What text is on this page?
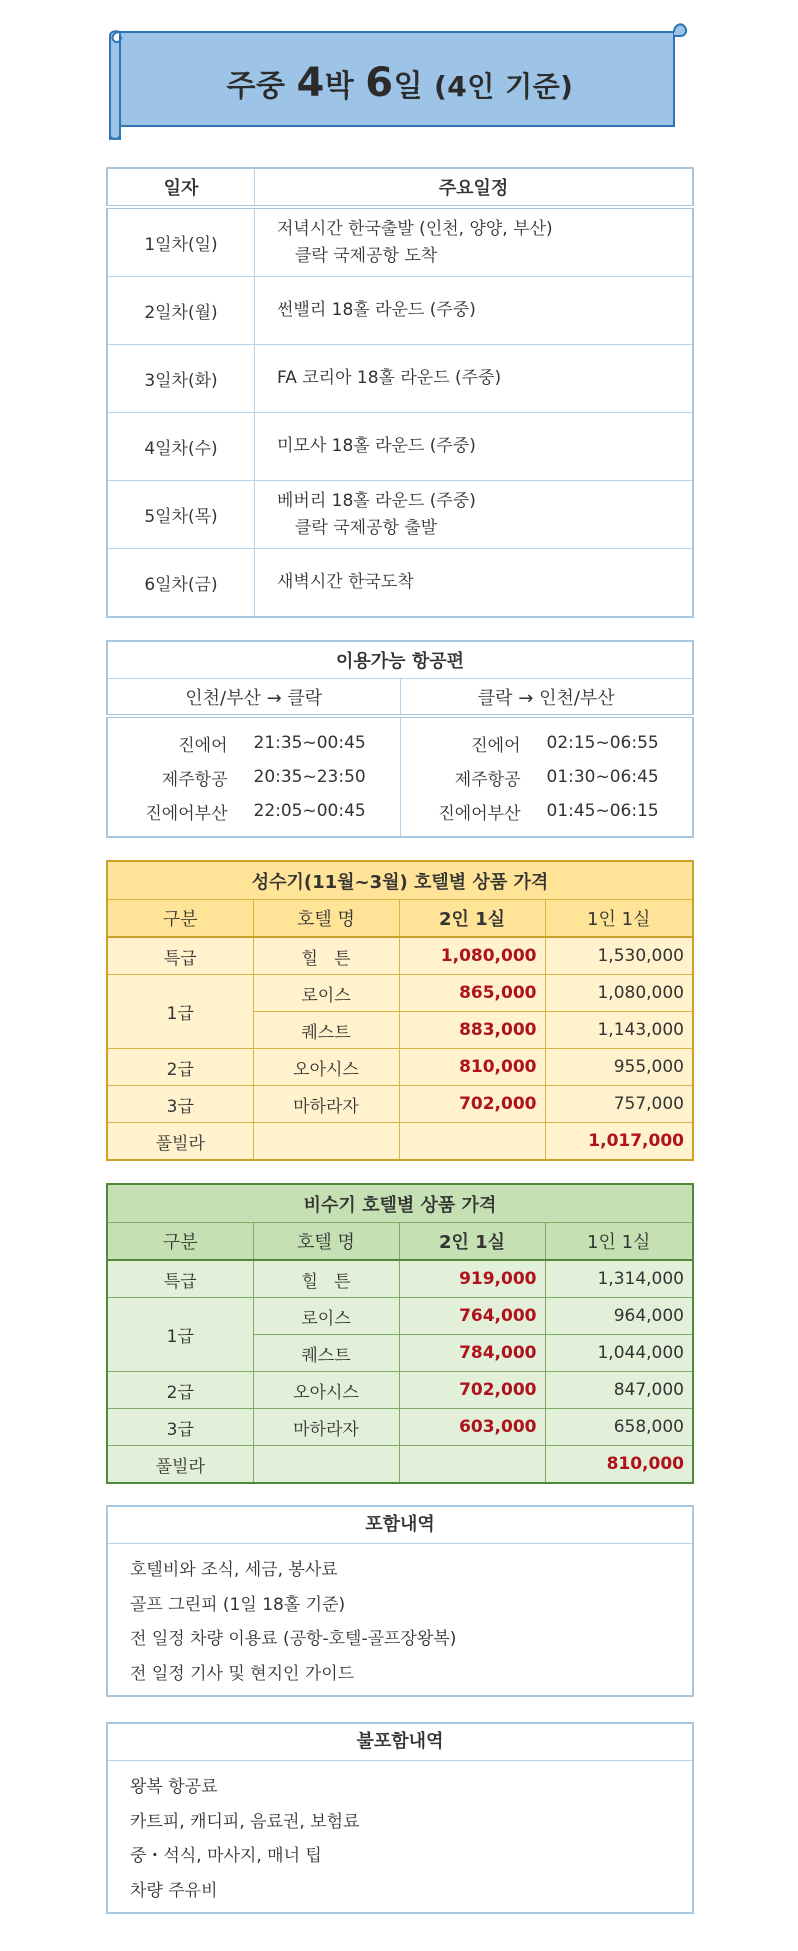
주중 4박 6일 (4인 기준)
일자	주요일정
1일차(일)	저녁시간 한국출발 (인천, 양양, 부산)
클락 국제공항 도착

2일차(월)	썬밸리 18홀 라운드 (주중)

3일차(화)	FA 코리아 18홀 라운드 (주중)

4일차(수)	미모사 18홀 라운드 (주중)

5일차(목)	베버리 18홀 라운드 (주중)
클락 국제공항 출발

6일차(금)	새벽시간 한국도착
이용가능 항공편			
인천/부산 → 클락		클락 → 인천/부산	

진에어	21:35~00:45	진에어	02:15~06:55
제주항공	20:35~23:50	제주항공	01:30~06:45
진에어부산	22:05~00:45	진에어부산	01:45~06:15

성수기(11월~3월) 호텔별 상품 가격			
구분	호텔 명	2인 1실	1인 1실
특급	힐   튼	1,080,000	1,530,000
1급	로이스	865,000	1,080,000
	퀘스트	883,000	1,143,000
2급	오아시스	810,000	955,000
3급	마하라자	702,000	757,000
풀빌라			1,017,000
비수기 호텔별 상품 가격			
구분	호텔 명	2인 1실	1인 1실
특급	힐   튼	919,000	1,314,000
1급	로이스	764,000	964,000
	퀘스트	784,000	1,044,000
2급	오아시스	702,000	847,000
3급	마하라자	603,000	658,000
풀빌라			810,000
포함내역
호텔비와 조식, 세금, 봉사료
골프 그린피 (1일 18홀 기준)
전 일정 차량 이용료 (공항-호텔-골프장왕복)
전 일정 기사 및 현지인 가이드
불포함내역
왕복 항공료
카트피, 캐디피, 음료권, 보험료
중・석식, 마사지, 매너 팁
차량 주유비
